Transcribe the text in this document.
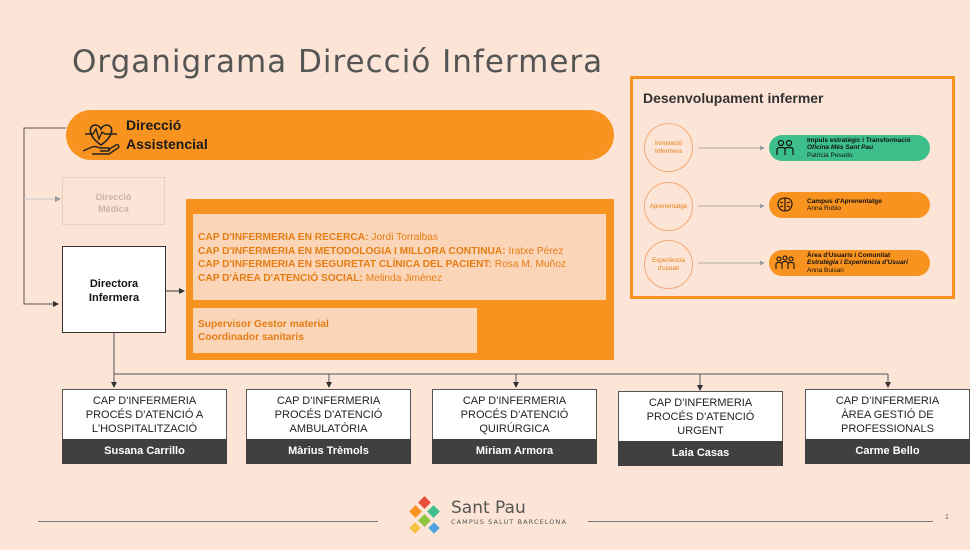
Organigrama Direcció Infermera
Direcció
Assistencial
Direcció
Mèdica
Directora
Infermera
CAP D'INFERMERIA EN RECERCA: Jordi Torralbas
CAP D'INFERMERIA EN METODOLOGIA I MILLORA CONTINUA: Iratxe Pérez
CAP D'INFERMERIA EN SEGURETAT CLÍNICA DEL PACIENT: Rosa M. Muñoz
CAP D'ÀREA D'ATENCIÓ SOCIAL: Melinda Jiménez
Supervisor Gestor material
Coordinador sanitaris
Desenvolupament infermer
Innovació
Infermera
Aprenentatge
Experiència
d'usuari
Impuls estratègic i Transformació
Oficina Més Sant Pau
Patricia Pesudo
Campus d'Aprenentatge
Anna Rubio
Àrea d'Usuaris i Comunitat
Estratègia i Experiència d'Usuari
Anna Buisan
CAP D'INFERMERIA
PROCÉS D'ATENCIÓ A
L'HOSPITALITZACIÓ
Susana Carrillo
CAP D'INFERMERIA
PROCÉS D'ATENCIÓ
AMBULATÒRIA
Màrius Trèmols
CAP D'INFERMERIA
PROCÉS D'ATENCIÓ
QUIRÚRGICA
Miriam Armora
CAP D'INFERMERIA
PROCÉS D'ATENCIÓ
URGENT
Laia Casas
CAP D'INFERMERIA
ÀREA GESTIÓ DE
PROFESSIONALS
Carme Bello
Sant Pau
CAMPUS SALUT BARCELONA
1
